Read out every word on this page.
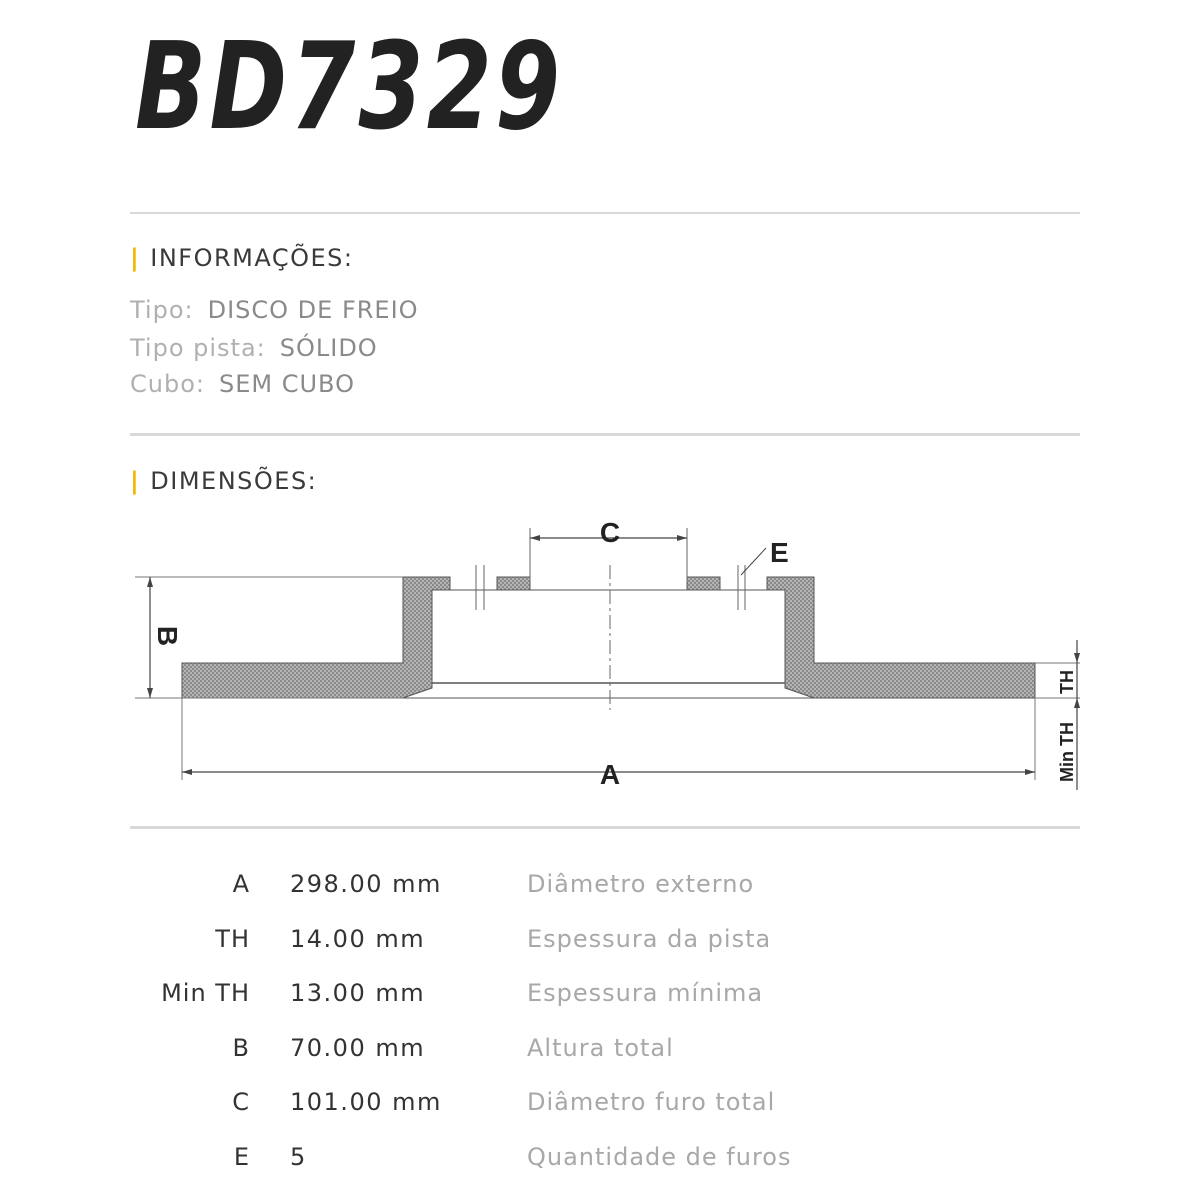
BD7329
| INFORMAÇÕES:
Tipo: DISCO DE FREIO
Tipo pista: SÓLIDO
Cubo: SEM CUBO
| DIMENSÕES:
C
E
B
A
TH
Min TH
A 298.00 mm	Diâmetro externo
TH 14.00 mm	Espessura da pista
Min TH 13.00 mm	Espessura mínima
B 70.00 mm	Altura total
C 101.00 mm	Diâmetro furo total
E 5	Quantidade de furos
